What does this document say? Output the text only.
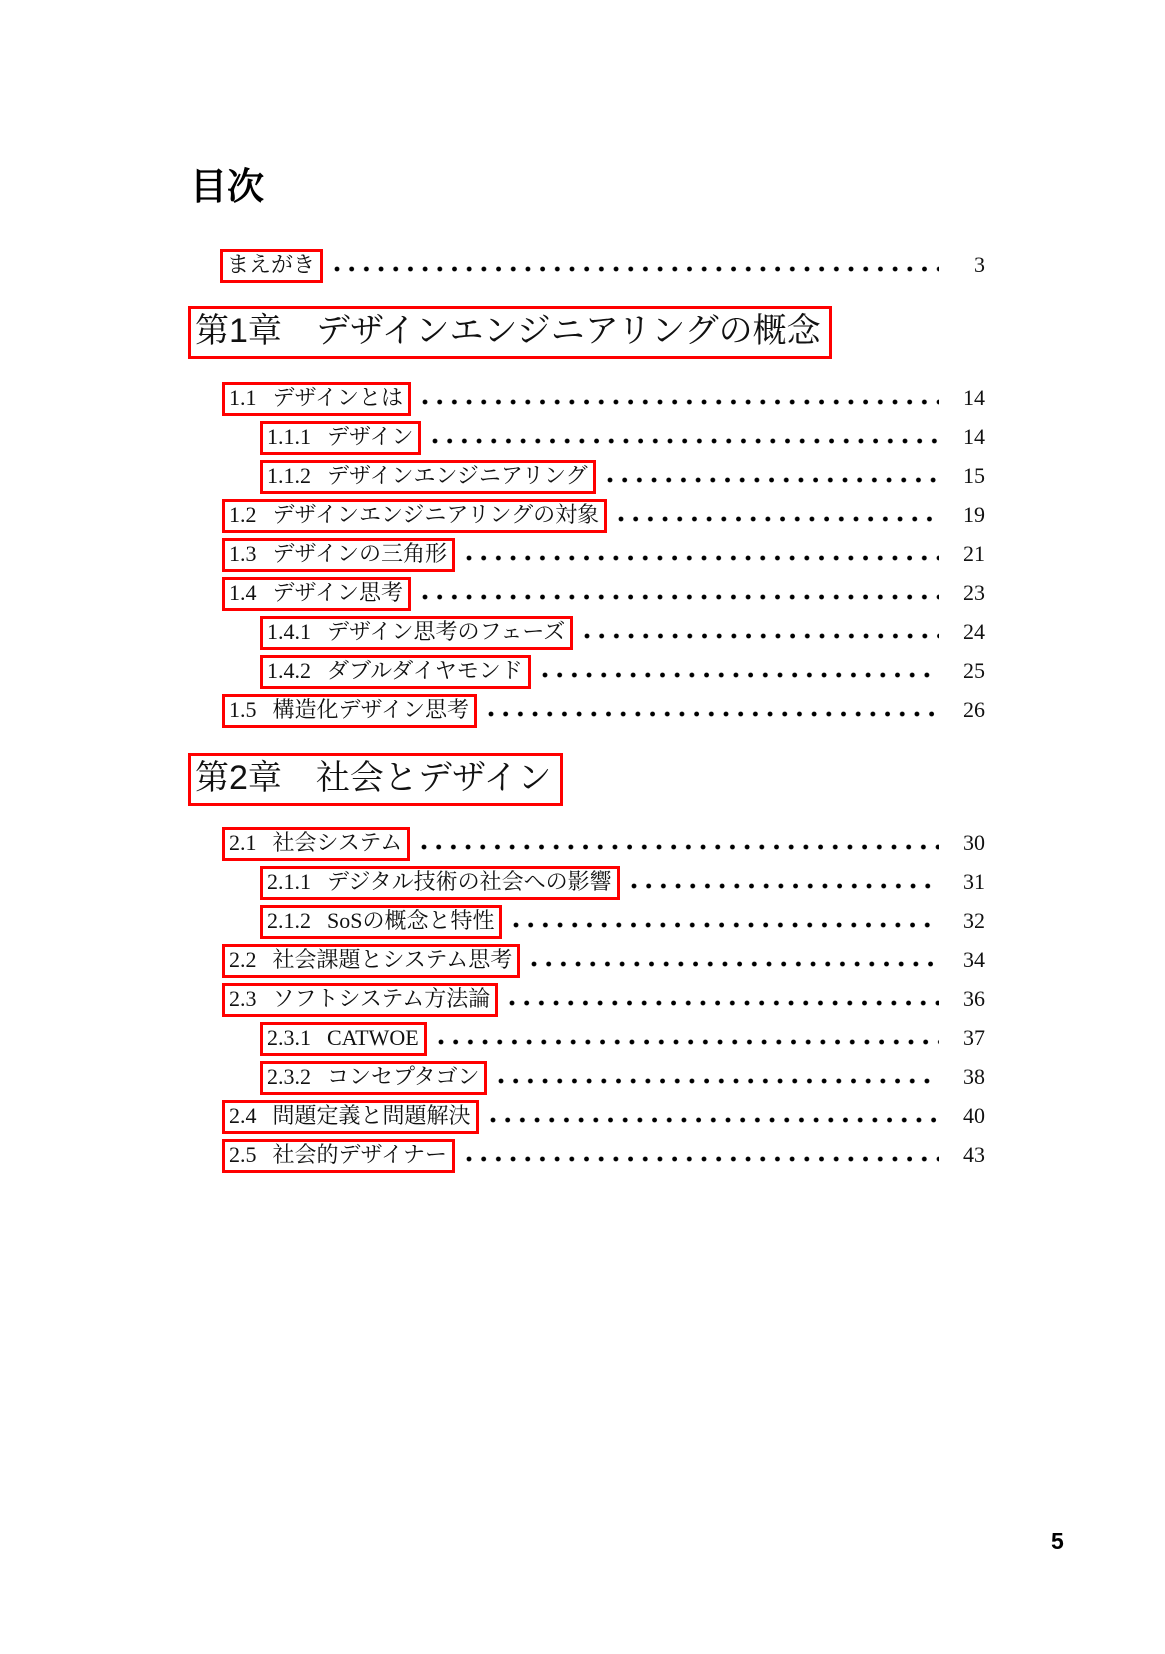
目次
まえがき	3
第1章 デザインエンジニアリングの概念
1.1 デザインとは	14
1.1.1 デザイン	14
1.1.2 デザインエンジニアリング	15
1.2 デザインエンジニアリングの対象	19
1.3 デザインの三角形	21
1.4 デザイン思考	23
1.4.1 デザイン思考のフェーズ	24
1.4.2 ダブルダイヤモンド	25
1.5 構造化デザイン思考	26
第2章 社会とデザイン
2.1 社会システム	30
2.1.1 デジタル技術の社会への影響	31
2.1.2 SoSの概念と特性	32
2.2 社会課題とシステム思考	34
2.3 ソフトシステム方法論	36
2.3.1 CATWOE	37
2.3.2 コンセプタゴン	38
2.4 問題定義と問題解決	40
2.5 社会的デザイナー	43
5
